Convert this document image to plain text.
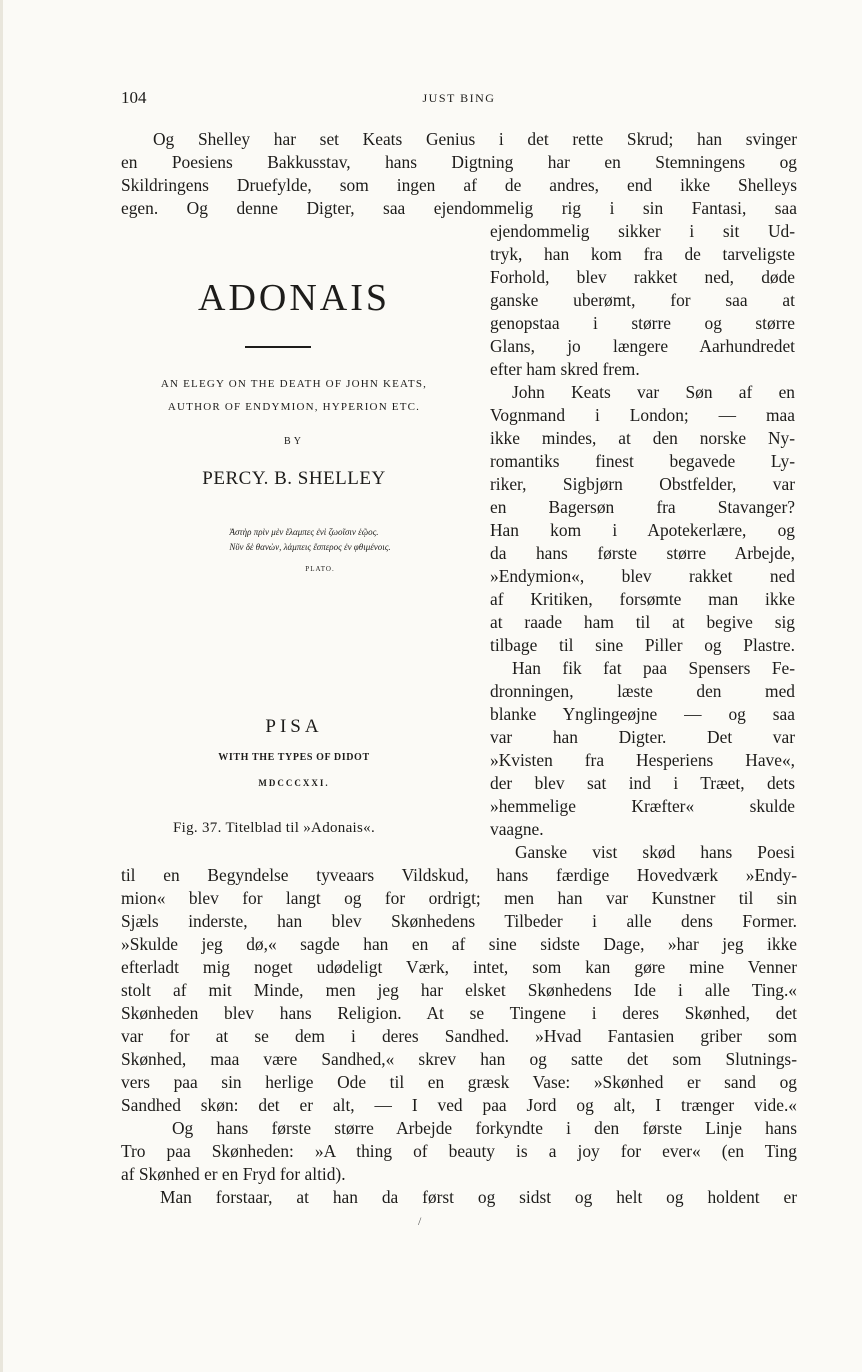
104	JUST BING
Og Shelley har set Keats Genius i det rette Skrud; han svinger
en Poesiens Bakkusstav, hans Digtning har en Stemningens og
Skildringens Druefylde, som ingen af de andres, end ikke Shelleys
egen. Og denne Digter, saa ejendommelig rig i sin Fantasi, saa
ADONAIS
AN ELEGY ON THE DEATH OF JOHN KEATS,
AUTHOR OF ENDYMION, HYPERION ETC.
BY
PERCY. B. SHELLEY
Ἀστὴρ πρὶν μὲν ἔλαμπες ἐνὶ ζωοῖσιν ἑῷος.
Νῦν δὲ θανὼν, λάμπεις ἕσπερος ἐν φθιμένοις.
PLATO.
PISA
WITH THE TYPES OF DIDOT
MDCCCXXI.
Fig. 37. Titelblad til »Adonais«.
ejendommelig sikker i sit Ud-
tryk, han kom fra de tarveligste
Forhold, blev rakket ned, døde
ganske uberømt, for saa at
genopstaa i større og større
Glans, jo længere Aarhundredet
efter ham skred frem.
John Keats var Søn af en
Vognmand i London; — maa
ikke mindes, at den norske Ny-
romantiks finest begavede Ly-
riker, Sigbjørn Obstfelder, var
en Bagersøn fra Stavanger?
Han kom i Apotekerlære, og
da hans første større Arbejde,
»Endymion«, blev rakket ned
af Kritiken, forsømte man ikke
at raade ham til at begive sig
tilbage til sine Piller og Plastre.
Han fik fat paa Spensers Fe-
dronningen, læste den med
blanke Ynglingeøjne — og saa
var han Digter. Det var
»Kvisten fra Hesperiens Have«,
der blev sat ind i Træet, dets
»hemmelige Kræfter« skulde
vaagne.
Ganske vist skød hans Poesi
til en Begyndelse tyveaars Vildskud, hans færdige Hovedværk »Endy-
mion« blev for langt og for ordrigt; men han var Kunstner til sin
Sjæls inderste, han blev Skønhedens Tilbeder i alle dens Former.
»Skulde jeg dø,« sagde han en af sine sidste Dage, »har jeg ikke
efterladt mig noget udødeligt Værk, intet, som kan gøre mine Venner
stolt af mit Minde, men jeg har elsket Skønhedens Ide i alle Ting.«
Skønheden blev hans Religion. At se Tingene i deres Skønhed, det
var for at se dem i deres Sandhed. »Hvad Fantasien griber som
Skønhed, maa være Sandhed,« skrev han og satte det som Slutnings-
vers paa sin herlige Ode til en græsk Vase: »Skønhed er sand og
Sandhed skøn: det er alt, — I ved paa Jord og alt, I trænger vide.«
Og hans første større Arbejde forkyndte i den første Linje hans
Tro paa Skønheden: »A thing of beauty is a joy for ever« (en Ting
af Skønhed er en Fryd for altid).
Man forstaar, at han da først og sidst og helt og holdent er
/
